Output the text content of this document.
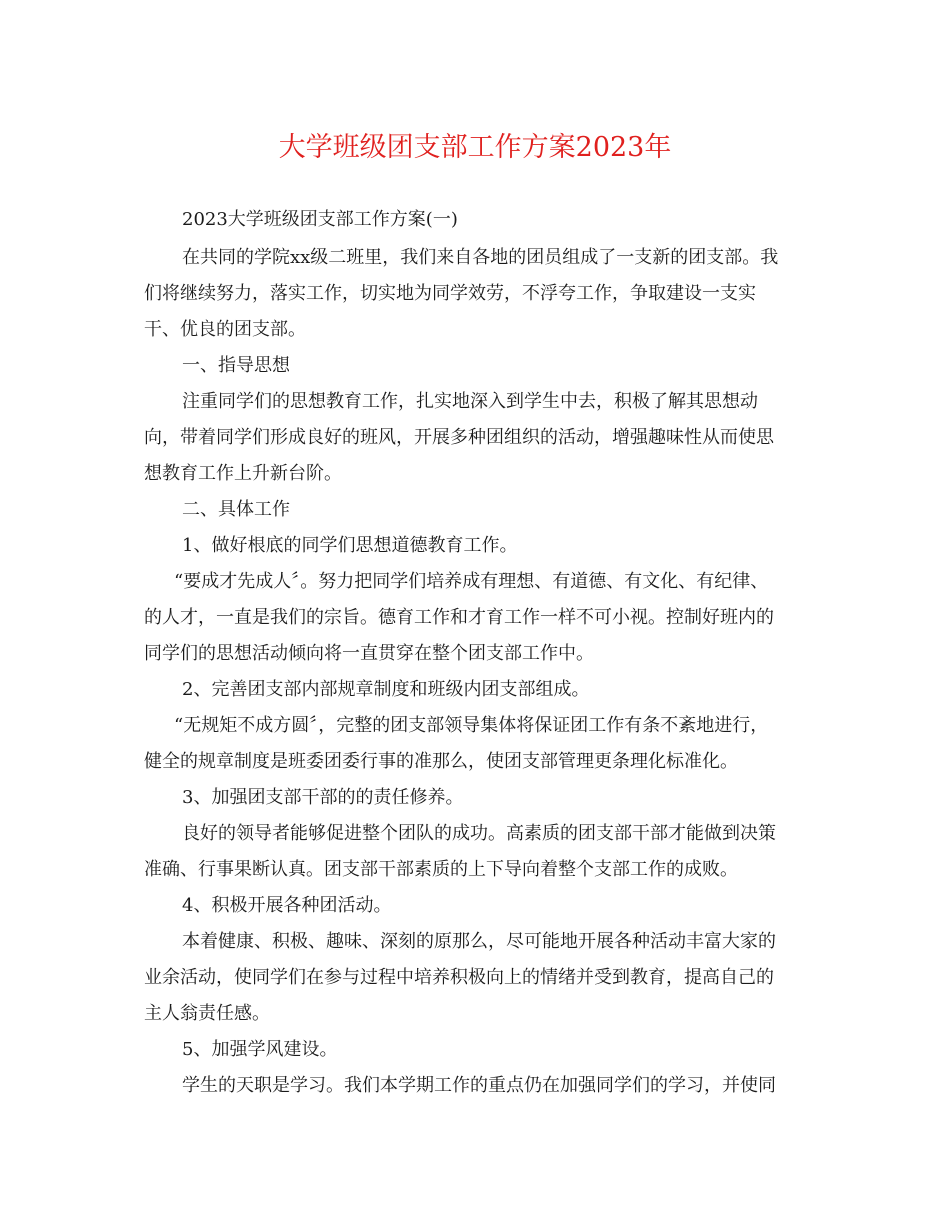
大学班级团支部工作方案2023年

2023大学班级团支部工作方案(一)

在共同的学院xx级二班里，我们来自各地的团员组成了一支新的团支部。我

们将继续努力，落实工作，切实地为同学效劳，不浮夸工作，争取建设一支实

干、优良的团支部。

一、指导思想

注重同学们的思想教育工作，扎实地深入到学生中去，积极了解其思想动

向，带着同学们形成良好的班风，开展多种团组织的活动，增强趣味性从而使思

想教育工作上升新台阶。

二、具体工作

1、做好根底的同学们思想道德教育工作。

“要成才先成人〞。努力把同学们培养成有理想、有道德、有文化、有纪律、

的人才，一直是我们的宗旨。德育工作和才育工作一样不可小视。控制好班内的

同学们的思想活动倾向将一直贯穿在整个团支部工作中。

2、完善团支部内部规章制度和班级内团支部组成。

“无规矩不成方圆〞，完整的团支部领导集体将保证团工作有条不紊地进行，

健全的规章制度是班委团委行事的准那么，使团支部管理更条理化标准化。

3、加强团支部干部的的责任修养。

良好的领导者能够促进整个团队的成功。高素质的团支部干部才能做到决策

准确、行事果断认真。团支部干部素质的上下导向着整个支部工作的成败。

4、积极开展各种团活动。

本着健康、积极、趣味、深刻的原那么，尽可能地开展各种活动丰富大家的

业余活动，使同学们在参与过程中培养积极向上的情绪并受到教育，提高自己的

主人翁责任感。

5、加强学风建设。

学生的天职是学习。我们本学期工作的重点仍在加强同学们的学习，并使同
